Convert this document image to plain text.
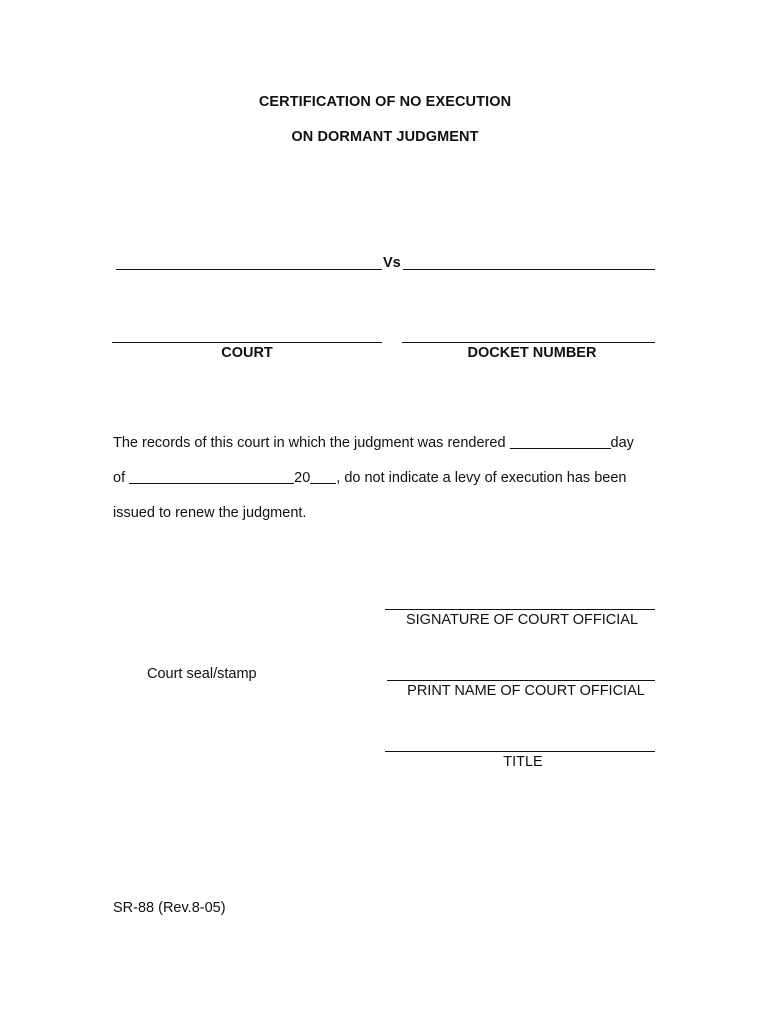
CERTIFICATION OF NO EXECUTION
ON DORMANT JUDGMENT
Vs
COURT	DOCKET NUMBER
The records of this court in which the judgment was rendered	day
of	20 , do not indicate a levy of execution has been
issued to renew the judgment.
SIGNATURE OF COURT OFFICIAL
Court seal/stamp
PRINT NAME OF COURT OFFICIAL
TITLE
SR-88 (Rev.8-05)
